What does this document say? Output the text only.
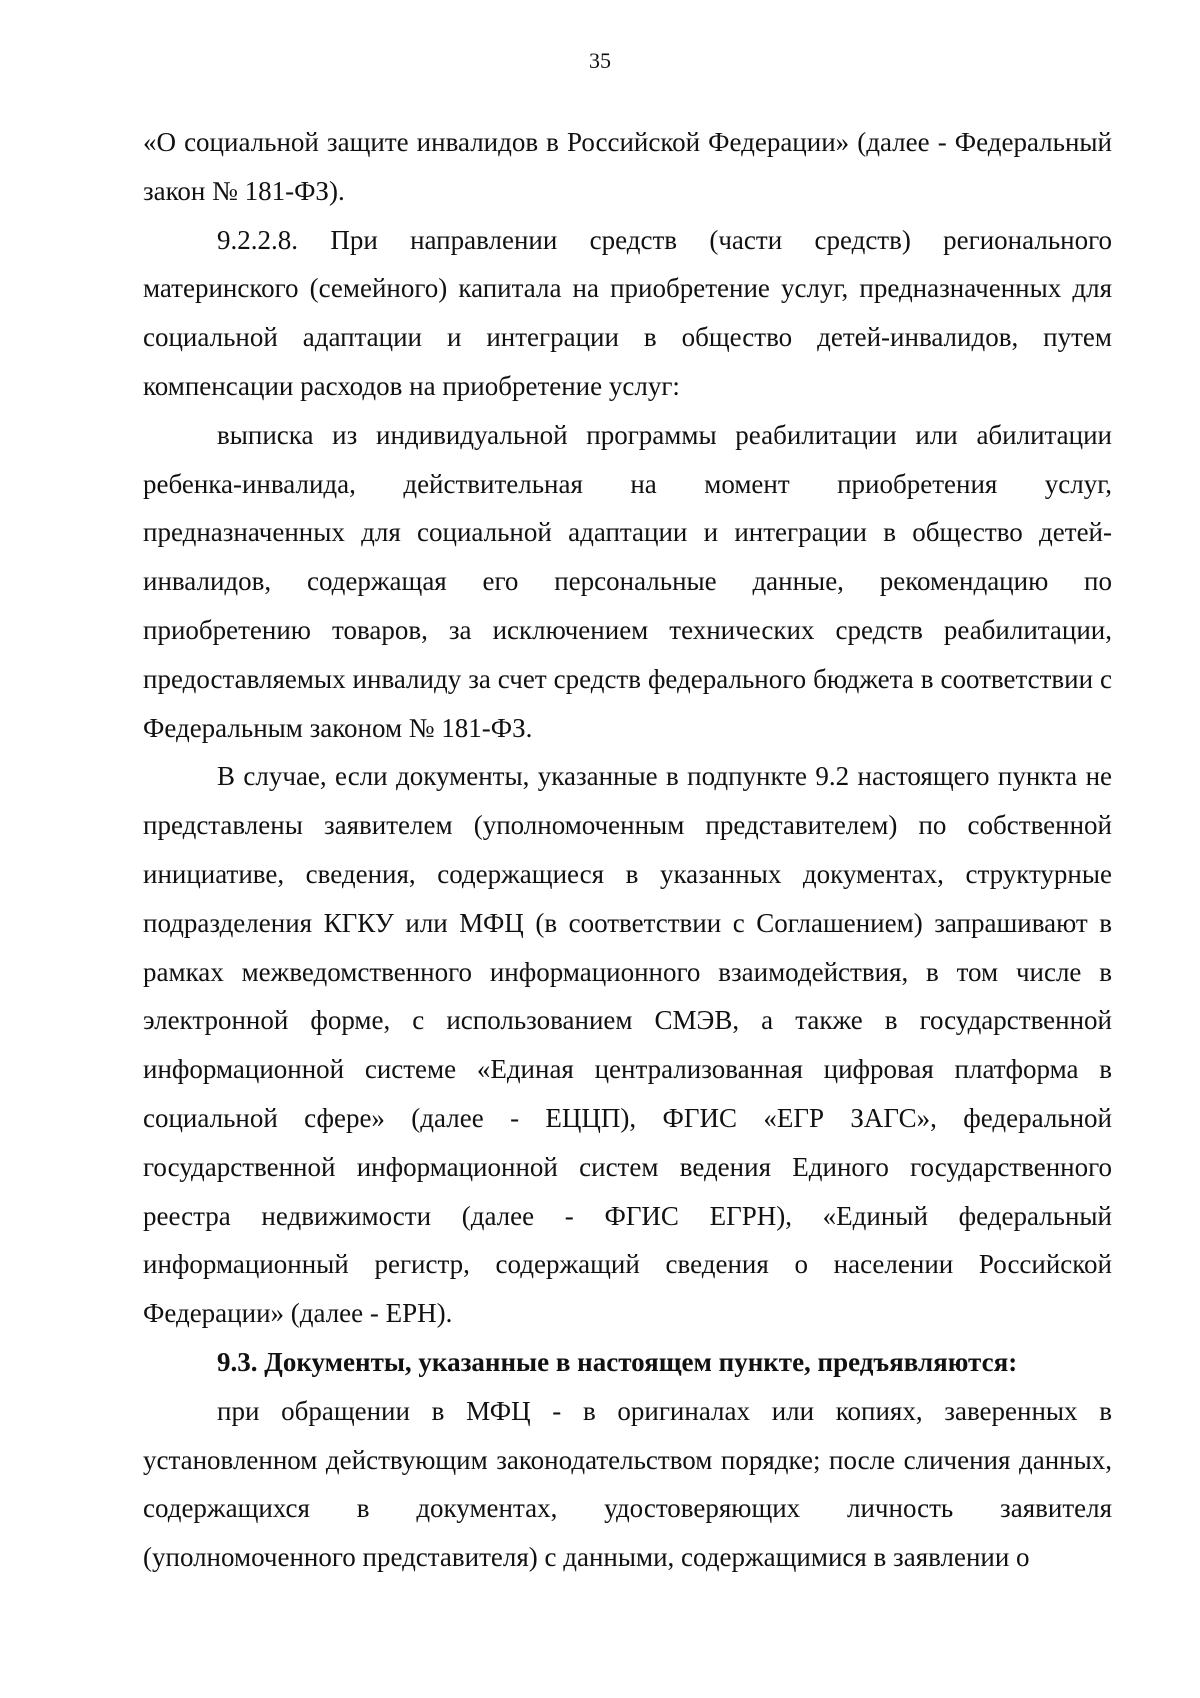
35

«О социальной защите инвалидов в Российской Федерации» (далее - Федеральный закон № 181-ФЗ).

9.2.2.8. При направлении средств (части средств) регионального материнского (семейного) капитала на приобретение услуг, предназначенных для социальной адаптации и интеграции в общество детей-инвалидов, путем компенсации расходов на приобретение услуг:

выписка из индивидуальной программы реабилитации или абилитации ребенка-инвалида, действительная на момент приобретения услуг, предназначенных для социальной адаптации и интеграции в общество детей-инвалидов, содержащая его персональные данные, рекомендацию по приобретению товаров, за исключением технических средств реабилитации, предоставляемых инвалиду за счет средств федерального бюджета в соответствии с Федеральным законом № 181-ФЗ.

В случае, если документы, указанные в подпункте 9.2 настоящего пункта не представлены заявителем (уполномоченным представителем) по собственной инициативе, сведения, содержащиеся в указанных документах, структурные подразделения КГКУ или МФЦ (в соответствии с Соглашением) запрашивают в рамках межведомственного информационного взаимодействия, в том числе в электронной форме, с использованием СМЭВ, а также в государственной информационной системе «Единая централизованная цифровая платформа в социальной сфере» (далее - ЕЦЦП), ФГИС «ЕГР ЗАГС», федеральной государственной информационной систем ведения Единого государственного реестра недвижимости (далее - ФГИС ЕГРН), «Единый федеральный информационный регистр, содержащий сведения о населении Российской Федерации» (далее - ЕРН).

9.3. Документы, указанные в настоящем пункте, предъявляются:

при обращении в МФЦ - в оригиналах или копиях, заверенных в установленном действующим законодательством порядке; после сличения данных, содержащихся в документах, удостоверяющих личность заявителя (уполномоченного представителя) с данными, содержащимися в заявлении о
